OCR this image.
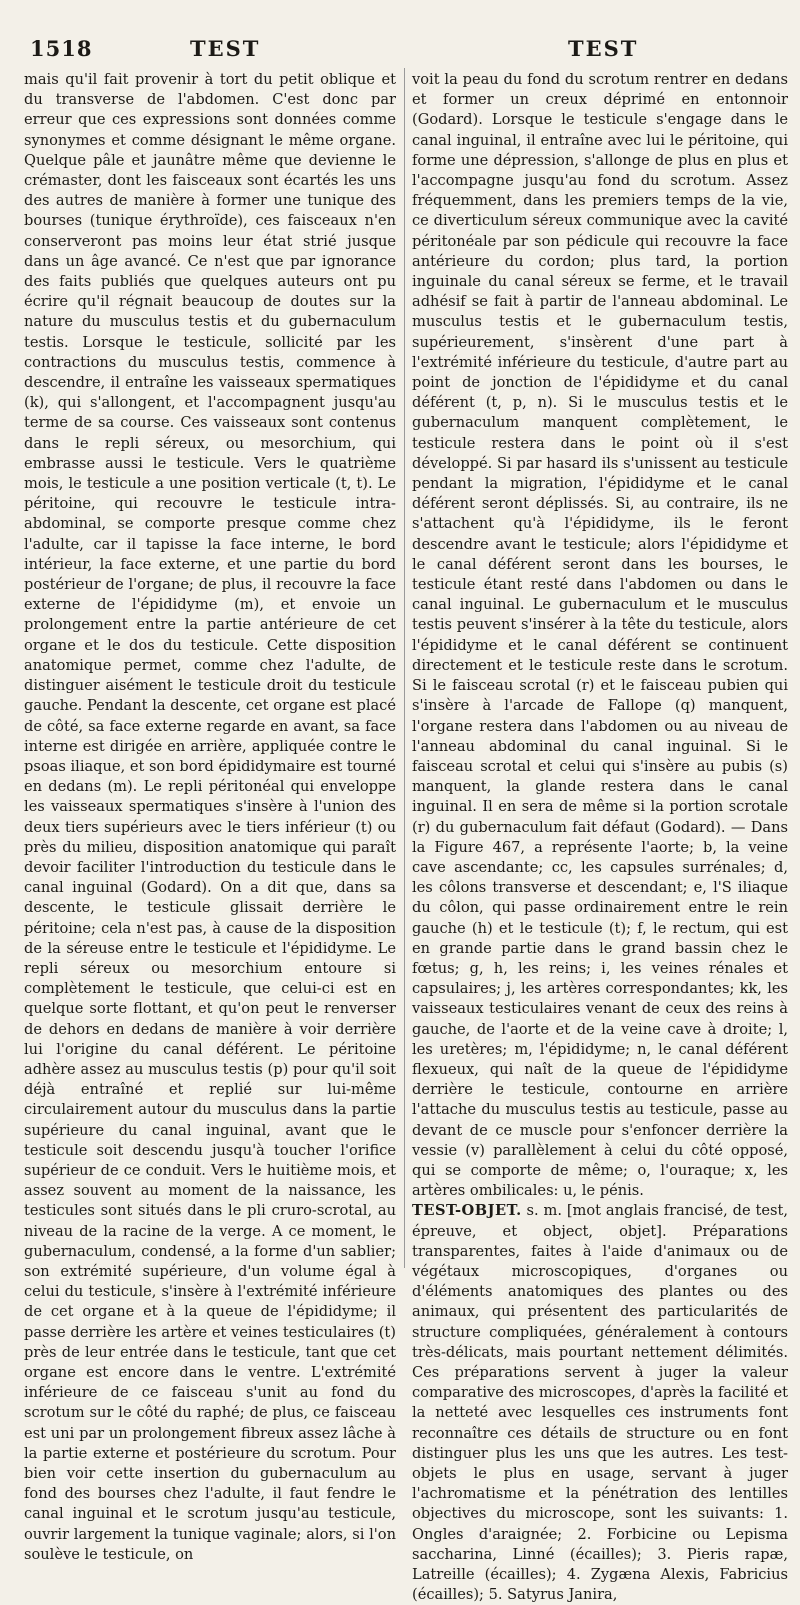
1518	TEST	TEST

mais qu'il fait provenir à tort du petit oblique et du transverse de l'abdomen. C'est donc par erreur que ces expressions sont données comme synonymes et comme désignant le même organe. Quelque pâle et jaunâtre même que devienne le crémaster, dont les faisceaux sont écartés les uns des autres de manière à former une tunique des bourses (tunique érythroïde), ces faisceaux n'en conserveront pas moins leur état strié jusque dans un âge avancé. Ce n'est que par ignorance des faits publiés que quelques auteurs ont pu écrire qu'il régnait beaucoup de doutes sur la nature du musculus testis et du gubernaculum testis. Lorsque le testicule, sollicité par les contractions du musculus testis, commence à descendre, il entraîne les vaisseaux spermatiques (k), qui s'allongent, et l'accompagnent jusqu'au terme de sa course. Ces vaisseaux sont contenus dans le repli séreux, ou mesorchium, qui embrasse aussi le testicule. Vers le quatrième mois, le testicule a une position verticale (t, t). Le péritoine, qui recouvre le testicule intra-abdominal, se comporte presque comme chez l'adulte, car il tapisse la face interne, le bord intérieur, la face externe, et une partie du bord postérieur de l'organe; de plus, il recouvre la face externe de l'épididyme (m), et envoie un prolongement entre la partie antérieure de cet organe et le dos du testicule. Cette disposition anatomique permet, comme chez l'adulte, de distinguer aisément le testicule droit du testicule gauche. Pendant la descente, cet organe est placé de côté, sa face externe regarde en avant, sa face interne est dirigée en arrière, appliquée contre le psoas iliaque, et son bord épididymaire est tourné en dedans (m). Le repli péritonéal qui enveloppe les vaisseaux spermatiques s'insère à l'union des deux tiers supérieurs avec le tiers inférieur (t) ou près du milieu, disposition anatomique qui paraît devoir faciliter l'introduction du testicule dans le canal inguinal (Godard). On a dit que, dans sa descente, le testicule glissait derrière le péritoine; cela n'est pas, à cause de la disposition de la séreuse entre le testicule et l'épididyme. Le repli séreux ou mesorchium entoure si complètement le testicule, que celui-ci est en quelque sorte flottant, et qu'on peut le renverser de dehors en dedans de manière à voir derrière lui l'origine du canal déférent. Le péritoine adhère assez au musculus testis (p) pour qu'il soit déjà entraîné et replié sur lui-même circulairement autour du musculus dans la partie supérieure du canal inguinal, avant que le testicule soit descendu jusqu'à toucher l'orifice supérieur de ce conduit. Vers le huitième mois, et assez souvent au moment de la naissance, les testicules sont situés dans le pli cruro-scrotal, au niveau de la racine de la verge. A ce moment, le gubernaculum, condensé, a la forme d'un sablier; son extrémité supérieure, d'un volume égal à celui du testicule, s'insère à l'extrémité inférieure de cet organe et à la queue de l'épididyme; il passe derrière les artère et veines testiculaires (t) près de leur entrée dans le testicule, tant que cet organe est encore dans le ventre. L'extrémité inférieure de ce faisceau s'unit au fond du scrotum sur le côté du raphé; de plus, ce faisceau est uni par un prolongement fibreux assez lâche à la partie externe et postérieure du scrotum. Pour bien voir cette insertion du gubernaculum au fond des bourses chez l'adulte, il faut fendre le canal inguinal et le scrotum jusqu'au testicule, ouvrir largement la tunique vaginale; alors, si l'on soulève le testicule, on

voit la peau du fond du scrotum rentrer en dedans et former un creux déprimé en entonnoir (Godard). Lorsque le testicule s'engage dans le canal inguinal, il entraîne avec lui le péritoine, qui forme une dépression, s'allonge de plus en plus et l'accompagne jusqu'au fond du scrotum. Assez fréquemment, dans les premiers temps de la vie, ce diverticulum séreux communique avec la cavité péritonéale par son pédicule qui recouvre la face antérieure du cordon; plus tard, la portion inguinale du canal séreux se ferme, et le travail adhésif se fait à partir de l'anneau abdominal. Le musculus testis et le gubernaculum testis, supérieurement, s'insèrent d'une part à l'extrémité inférieure du testicule, d'autre part au point de jonction de l'épididyme et du canal déférent (t, p, n). Si le musculus testis et le gubernaculum manquent complètement, le testicule restera dans le point où il s'est développé. Si par hasard ils s'unissent au testicule pendant la migration, l'épididyme et le canal déférent seront déplissés. Si, au contraire, ils ne s'attachent qu'à l'épididyme, ils le feront descendre avant le testicule; alors l'épididyme et le canal déférent seront dans les bourses, le testicule étant resté dans l'abdomen ou dans le canal inguinal. Le gubernaculum et le musculus testis peuvent s'insérer à la tête du testicule, alors l'épididyme et le canal déférent se continuent directement et le testicule reste dans le scrotum. Si le faisceau scrotal (r) et le faisceau pubien qui s'insère à l'arcade de Fallope (q) manquent, l'organe restera dans l'abdomen ou au niveau de l'anneau abdominal du canal inguinal. Si le faisceau scrotal et celui qui s'insère au pubis (s) manquent, la glande restera dans le canal inguinal. Il en sera de même si la portion scrotale (r) du gubernaculum fait défaut (Godard). — Dans la Figure 467, a représente l'aorte; b, la veine cave ascendante; cc, les capsules surrénales; d, les côlons transverse et descendant; e, l'S iliaque du côlon, qui passe ordinairement entre le rein gauche (h) et le testicule (t); f, le rectum, qui est en grande partie dans le grand bassin chez le fœtus; g, h, les reins; i, les veines rénales et capsulaires; j, les artères correspondantes; kk, les vaisseaux testiculaires venant de ceux des reins à gauche, de l'aorte et de la veine cave à droite; l, les uretères; m, l'épididyme; n, le canal déférent flexueux, qui naît de la queue de l'épididyme derrière le testicule, contourne en arrière l'attache du musculus testis au testicule, passe au devant de ce muscle pour s'enfoncer derrière la vessie (v) parallèlement à celui du côté opposé, qui se comporte de même; o, l'ouraque; x, les artères ombilicales: u, le pénis.

TEST-OBJET. s. m. [mot anglais francisé, de test, épreuve, et object, objet]. Préparations transparentes, faites à l'aide d'animaux ou de végétaux microscopiques, d'organes ou d'éléments anatomiques des plantes ou des animaux, qui présentent des particularités de structure compliquées, généralement à contours très-délicats, mais pourtant nettement délimités. Ces préparations servent à juger la valeur comparative des microscopes, d'après la facilité et la netteté avec lesquelles ces instruments font reconnaître ces détails de structure ou en font distinguer plus les uns que les autres. Les test-objets le plus en usage, servant à juger l'achromatisme et la pénétration des lentilles objectives du microscope, sont les suivants: 1. Ongles d'araignée; 2. Forbicine ou Lepisma saccharina, Linné (écailles); 3. Pieris rapæ, Latreille (écailles); 4. Zygæna Alexis, Fabricius (écailles); 5. Satyrus Janira,
